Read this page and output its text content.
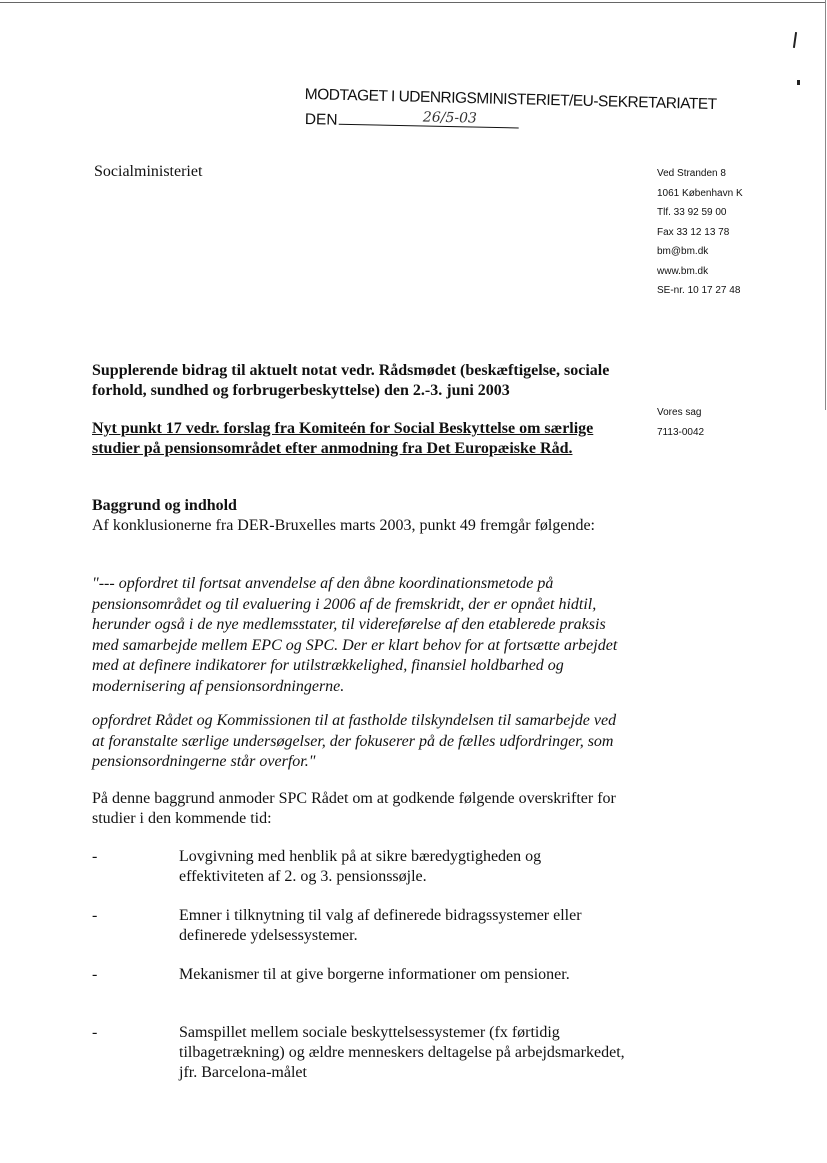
MODTAGET I UDENRIGSMINISTERIET/EU-SEKRETARIATET
DEN	26/5-03
Socialministeriet	Ved Stranden 8
1061 København K
Tlf. 33 92 59 00
Fax 33 12 13 78
bm@bm.dk
www.bm.dk
SE-nr. 10 17 27 48
Vores sag
7113-0042
Supplerende bidrag til aktuelt notat vedr. Rådsmødet (beskæftigelse, sociale forhold, sundhed og forbrugerbeskyttelse) den 2.-3. juni 2003
Nyt punkt 17 vedr. forslag fra Komiteén for Social Beskyttelse om særlige studier på pensionsområdet efter anmodning fra Det Europæiske Råd.
Baggrund og indhold
Af konklusionerne fra DER-Bruxelles marts 2003, punkt 49 fremgår følgende:
"--- opfordret til fortsat anvendelse af den åbne koordinationsmetode på pensionsområdet og til evaluering i 2006 af de fremskridt, der er opnået hidtil, herunder også i de nye medlemsstater, til videreførelse af den etablerede praksis med samarbejde mellem EPC og SPC. Der er klart behov for at fortsætte arbejdet med at definere indikatorer for utilstrækkelighed, finansiel holdbarhed og modernisering af pensionsordningerne.
opfordret Rådet og Kommissionen til at fastholde tilskyndelsen til samarbejde ved at foranstalte særlige undersøgelser, der fokuserer på de fælles udfordringer, som pensionsordningerne står overfor."
På denne baggrund anmoder SPC Rådet om at godkende følgende overskrifter for studier i den kommende tid:
-	Lovgivning med henblik på at sikre bæredygtigheden og effektiviteten af 2. og 3. pensionssøjle.
-	Emner i tilknytning til valg af definerede bidragssystemer eller definerede ydelsessystemer.
-	Mekanismer til at give borgerne informationer om pensioner.
-	Samspillet mellem sociale beskyttelsessystemer (fx førtidig tilbagetrækning) og ældre menneskers deltagelse på arbejdsmarkedet, jfr. Barcelona-målet
